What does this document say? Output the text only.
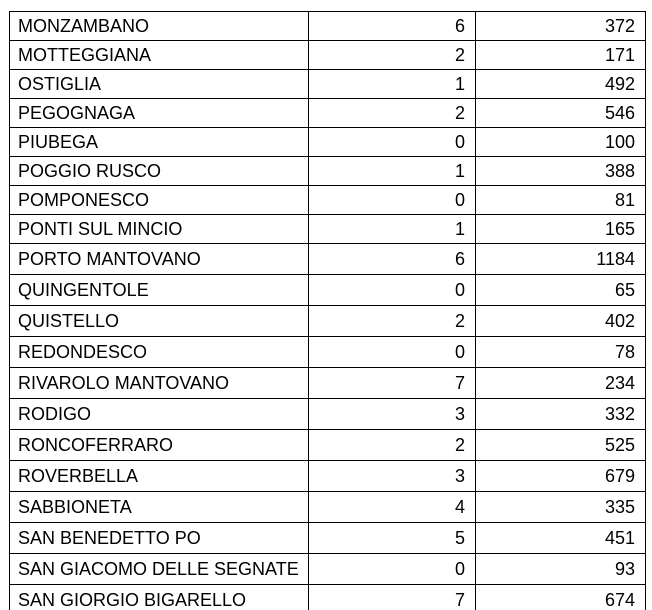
MONZAMBANO	6	372
MOTTEGGIANA	2	171
OSTIGLIA	1	492
PEGOGNAGA	2	546
PIUBEGA	0	100
POGGIO RUSCO	1	388
POMPONESCO	0	81
PONTI SUL MINCIO	1	165
PORTO MANTOVANO	6	1184
QUINGENTOLE	0	65
QUISTELLO	2	402
REDONDESCO	0	78
RIVAROLO MANTOVANO	7	234
RODIGO	3	332
RONCOFERRARO	2	525
ROVERBELLA	3	679
SABBIONETA	4	335
SAN BENEDETTO PO	5	451
SAN GIACOMO DELLE SEGNATE	0	93
SAN GIORGIO BIGARELLO	7	674
